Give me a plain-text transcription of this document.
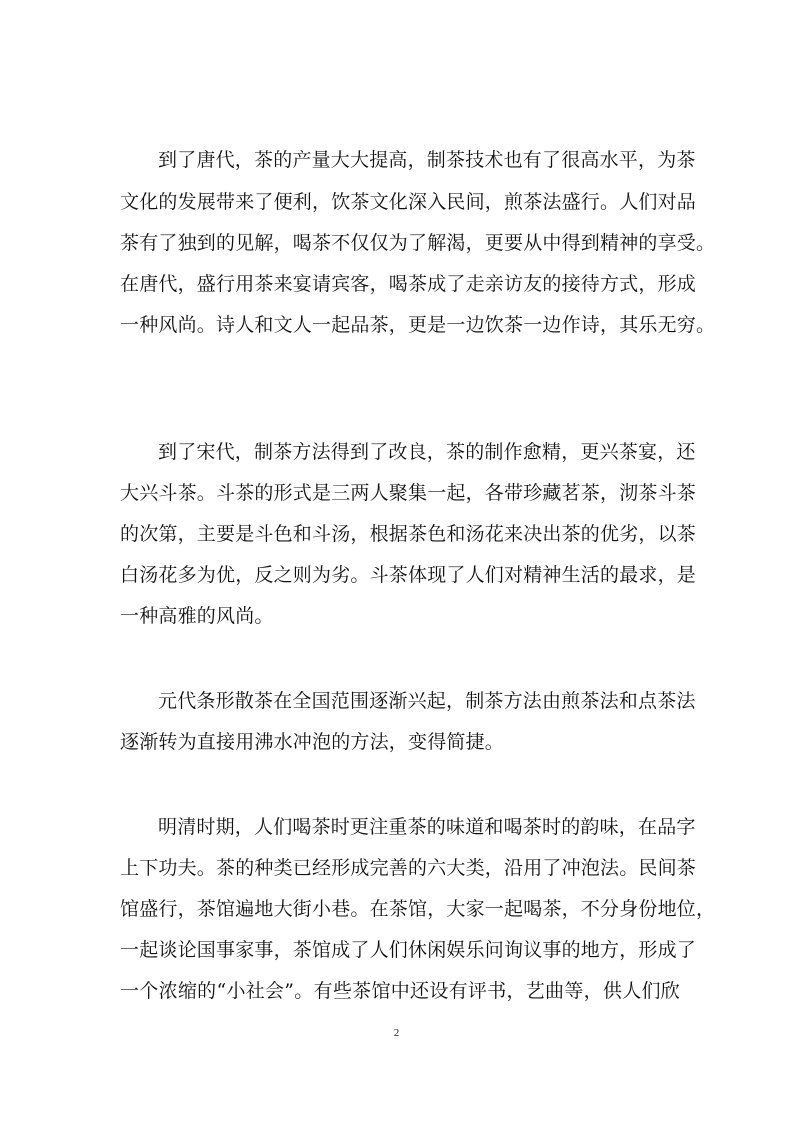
到了唐代，茶的产量大大提高，制茶技术也有了很高水平，为茶
文化的发展带来了便利，饮茶文化深入民间，煎茶法盛行。人们对品
茶有了独到的见解，喝茶不仅仅为了解渴，更要从中得到精神的享受。
在唐代，盛行用茶来宴请宾客，喝茶成了走亲访友的接待方式，形成
一种风尚。诗人和文人一起品茶，更是一边饮茶一边作诗，其乐无穷。
到了宋代，制茶方法得到了改良，茶的制作愈精，更兴茶宴，还
大兴斗茶。斗茶的形式是三两人聚集一起，各带珍藏茗茶，沏茶斗茶
的次第，主要是斗色和斗汤，根据茶色和汤花来决出茶的优劣，以茶
白汤花多为优，反之则为劣。斗茶体现了人们对精神生活的最求，是
一种高雅的风尚。
元代条形散茶在全国范围逐渐兴起，制茶方法由煎茶法和点茶法
逐渐转为直接用沸水冲泡的方法，变得简捷。
明清时期，人们喝茶时更注重茶的味道和喝茶时的韵味，在品字
上下功夫。茶的种类已经形成完善的六大类，沿用了冲泡法。民间茶
馆盛行，茶馆遍地大街小巷。在茶馆，大家一起喝茶，不分身份地位，
一起谈论国事家事，茶馆成了人们休闲娱乐问询议事的地方，形成了
一个浓缩的“小社会”。有些茶馆中还设有评书，艺曲等，供人们欣
2
